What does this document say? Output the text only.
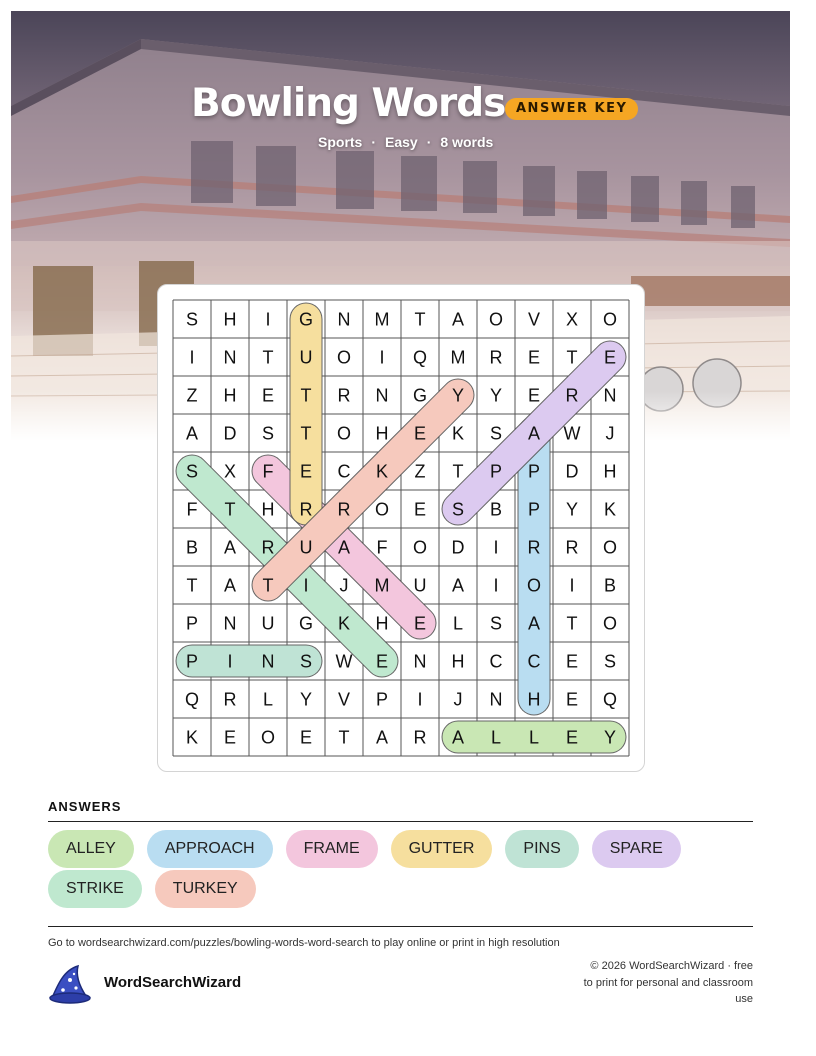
Bowling Words ANSWER KEY
Sports · Easy · 8 words
S H I G N M T A O V X O
I N T U O I Q M R E T E
Z H E T R N G Y Y E R N
A D S T O H E K S A W J
S X F E C K Z T P P D H
F T H R R O E S B P Y K
B A R U A F O D I R R O
T A T I J M U A I O I B
P N U G K H E L S A T O
P I N S W E N H C C E S
Q R L Y V P I J N H E Q
K E O E T A R A L L E Y
ANSWERS
ALLEY	APPROACH	FRAME	GUTTER	PINS	SPARE
STRIKE	TURKEY
Go to wordsearchwizard.com/puzzles/bowling-words-word-search to play online or print in high resolution
WordSearchWizard
© 2026 WordSearchWizard · free to print for personal and classroom use
